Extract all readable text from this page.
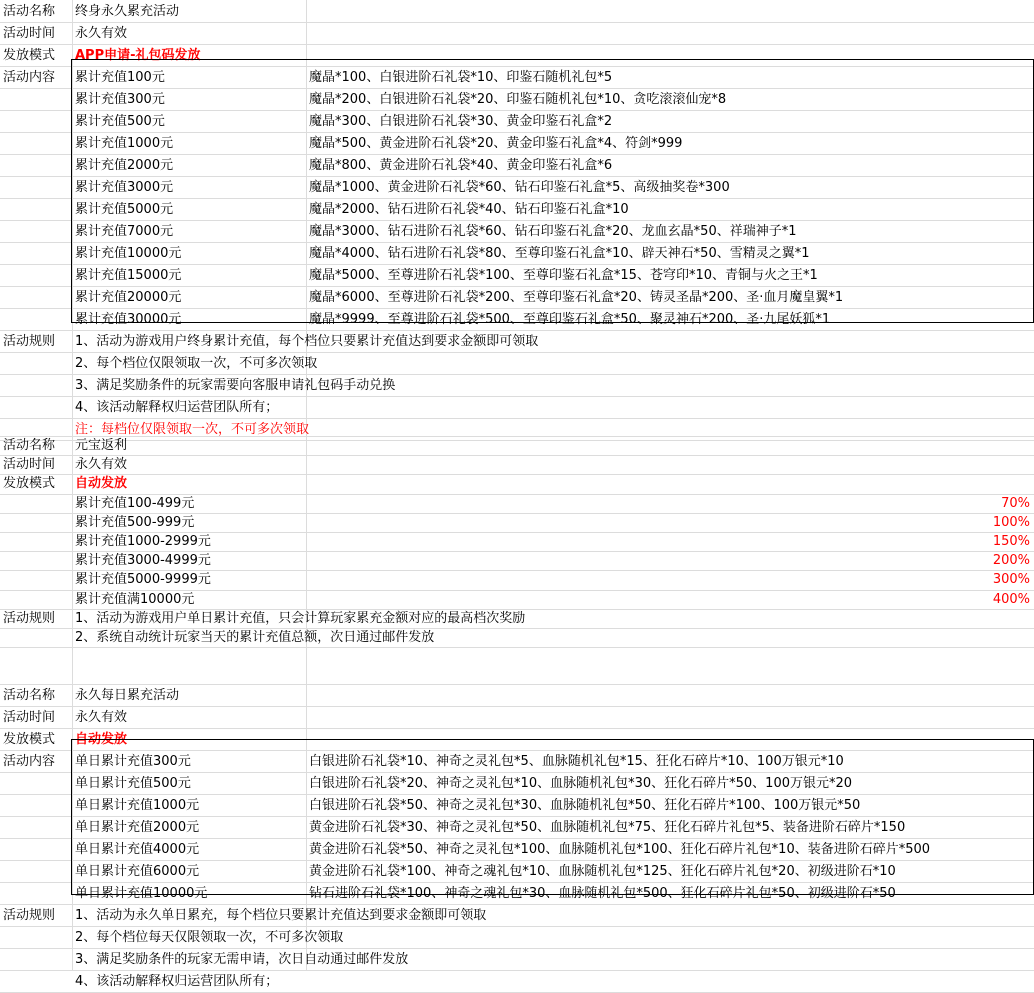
活动名称	终身永久累充活动
活动时间	永久有效
发放模式	APP申请-礼包码发放
活动内容	累计充值100元	魔晶*100、白银进阶石礼袋*10、印鉴石随机礼包*5
累计充值300元	魔晶*200、白银进阶石礼袋*20、印鉴石随机礼包*10、贪吃滚滚仙宠*8
累计充值500元	魔晶*300、白银进阶石礼袋*30、黄金印鉴石礼盒*2
累计充值1000元	魔晶*500、黄金进阶石礼袋*20、黄金印鉴石礼盒*4、符剑*999
累计充值2000元	魔晶*800、黄金进阶石礼袋*40、黄金印鉴石礼盒*6
累计充值3000元	魔晶*1000、黄金进阶石礼袋*60、钻石印鉴石礼盒*5、高级抽奖卷*300
累计充值5000元	魔晶*2000、钻石进阶石礼袋*40、钻石印鉴石礼盒*10
累计充值7000元	魔晶*3000、钻石进阶石礼袋*60、钻石印鉴石礼盒*20、龙血玄晶*50、祥瑞神子*1
累计充值10000元	魔晶*4000、钻石进阶石礼袋*80、至尊印鉴石礼盒*10、辟天神石*50、雪精灵之翼*1
累计充值15000元	魔晶*5000、至尊进阶石礼袋*100、至尊印鉴石礼盒*15、苍穹印*10、青铜与火之王*1
累计充值20000元	魔晶*6000、至尊进阶石礼袋*200、至尊印鉴石礼盒*20、铸灵圣晶*200、圣·血月魔皇翼*1
累计充值30000元	魔晶*9999、至尊进阶石礼袋*500、至尊印鉴石礼盒*50、聚灵神石*200、圣·九尾妖狐*1
活动规则	1、活动为游戏用户终身累计充值，每个档位只要累计充值达到要求金额即可领取
2、每个档位仅限领取一次，不可多次领取
3、满足奖励条件的玩家需要向客服申请礼包码手动兑换
4、该活动解释权归运营团队所有；
注：每档位仅限领取一次，不可多次领取
活动名称	元宝返利
活动时间	永久有效
发放模式	自动发放
累计充值100-499元	70%
累计充值500-999元	100%
累计充值1000-2999元	150%
累计充值3000-4999元	200%
累计充值5000-9999元	300%
累计充值满10000元	400%
活动规则	1、活动为游戏用户单日累计充值，只会计算玩家累充金额对应的最高档次奖励
2、系统自动统计玩家当天的累计充值总额，次日通过邮件发放
活动名称	永久每日累充活动
活动时间	永久有效
发放模式	自动发放
活动内容	单日累计充值300元	白银进阶石礼袋*10、神奇之灵礼包*5、血脉随机礼包*15、狂化石碎片*10、100万银元*10
单日累计充值500元	白银进阶石礼袋*20、神奇之灵礼包*10、血脉随机礼包*30、狂化石碎片*50、100万银元*20
单日累计充值1000元	白银进阶石礼袋*50、神奇之灵礼包*30、血脉随机礼包*50、狂化石碎片*100、100万银元*50
单日累计充值2000元	黄金进阶石礼袋*30、神奇之灵礼包*50、血脉随机礼包*75、狂化石碎片礼包*5、装备进阶石碎片*150
单日累计充值4000元	黄金进阶石礼袋*50、神奇之灵礼包*100、血脉随机礼包*100、狂化石碎片礼包*10、装备进阶石碎片*500
单日累计充值6000元	黄金进阶石礼袋*100、神奇之魂礼包*10、血脉随机礼包*125、狂化石碎片礼包*20、初级进阶石*10
单日累计充值10000元	钻石进阶石礼袋*100、神奇之魂礼包*30、血脉随机礼包*500、狂化石碎片礼包*50、初级进阶石*50
活动规则	1、活动为永久单日累充，每个档位只要累计充值达到要求金额即可领取
2、每个档位每天仅限领取一次，不可多次领取
3、满足奖励条件的玩家无需申请，次日自动通过邮件发放
4、该活动解释权归运营团队所有；
